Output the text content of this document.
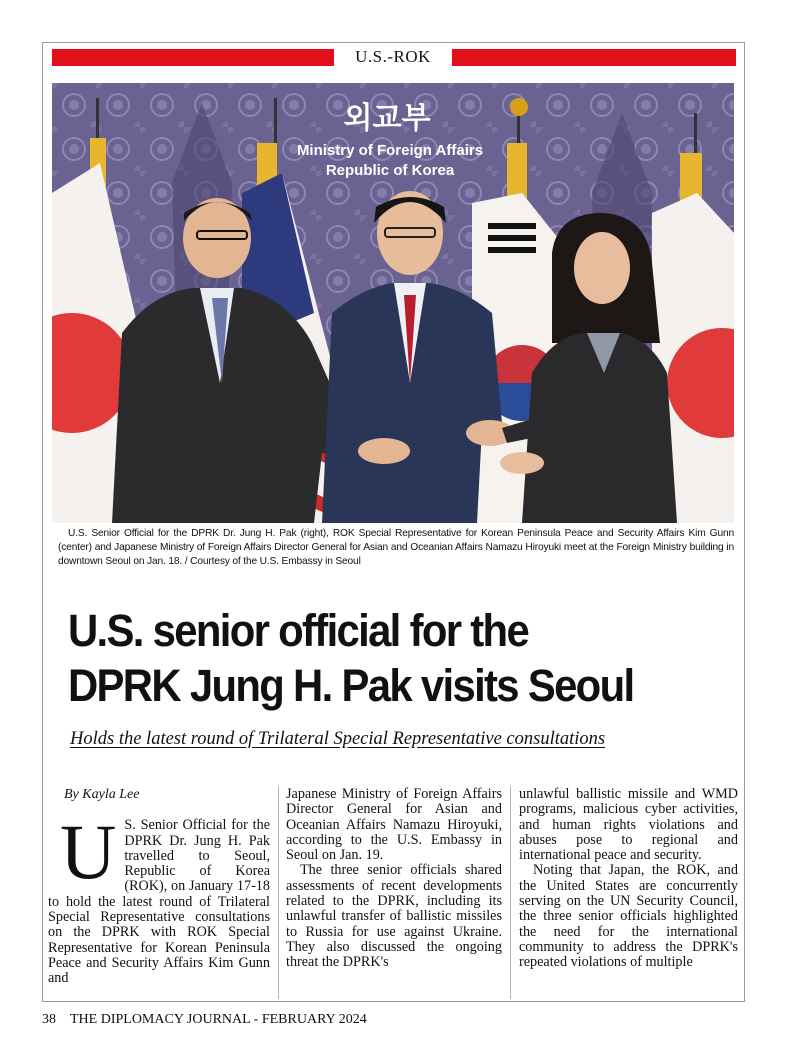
U.S.-ROK
외교부
Ministry of Foreign Affairs
Republic of Korea
U.S. Senior Official for the DPRK Dr. Jung H. Pak (right), ROK Special Representative for Korean Peninsula Peace and Security Affairs Kim Gunn (center) and Japanese Ministry of Foreign Affairs Director General for Asian and Oceanian Affairs Namazu Hiroyuki meet at the Foreign Ministry building in downtown Seoul on Jan. 18. / Courtesy of the U.S. Embassy in Seoul
U.S. senior official for the
DPRK Jung H. Pak visits Seoul
Holds the latest round of Trilateral Special Representative consultations

By Kayla Lee

U S. Senior Official for the DPRK Dr. Jung H. Pak travelled to Seoul, Republic of Korea (ROK), on January 17-18 to hold the latest round of Trilateral Special Representative consultations on the DPRK with ROK Special Representative for Korean Peninsula Peace and Security Affairs Kim Gunn and

Japanese Ministry of Foreign Affairs Director General for Asian and Oceanian Affairs Namazu Hiroyuki, according to the U.S. Embassy in Seoul on Jan. 19.

The three senior officials shared assessments of recent developments related to the DPRK, including its unlawful transfer of ballistic missiles to Russia for use against Ukraine. They also discussed the ongoing threat the DPRK's

unlawful ballistic missile and WMD programs, malicious cyber activities, and human rights violations and abuses pose to regional and international peace and security.

Noting that Japan, the ROK, and the United States are concurrently serving on the UN Security Council, the three senior officials highlighted the need for the international community to address the DPRK's repeated violations of multiple

38 THE DIPLOMACY JOURNAL - FEBRUARY 2024
